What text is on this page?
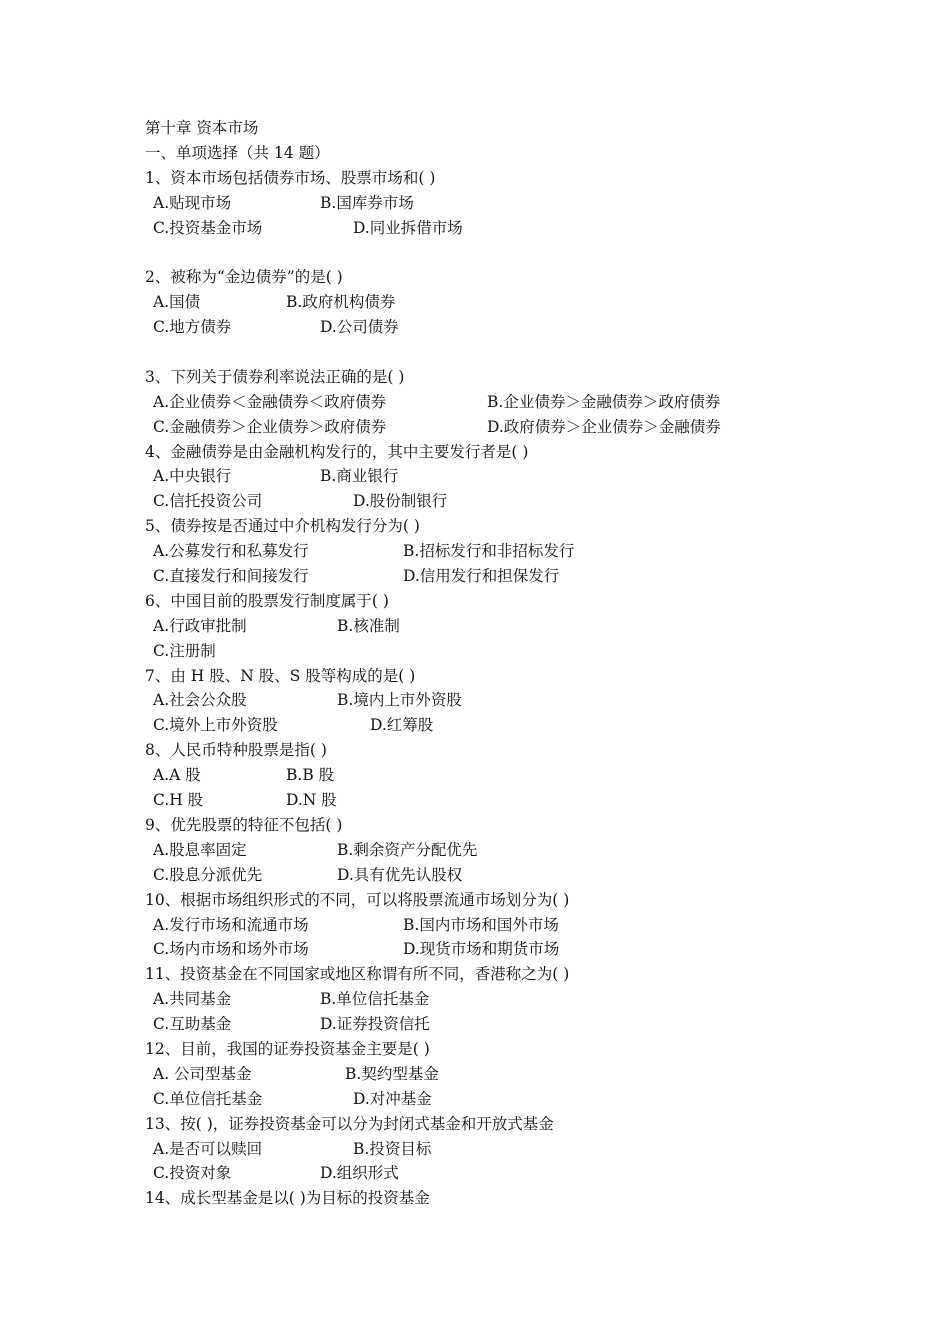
第十章 资本市场
一、单项选择（共 14 题）
1、资本市场包括债券市场、股票市场和( )
A.贴现市场	B.国库券市场
C.投资基金市场	D.同业拆借市场
2、被称为“金边债券”的是( )
A.国债	B.政府机构债券
C.地方债券	D.公司债券
3、下列关于债券利率说法正确的是( )
A.企业债券＜金融债券＜政府债券	B.企业债券＞金融债券＞政府债券
C.金融债券＞企业债券＞政府债券	D.政府债券＞企业债券＞金融债券
4、金融债券是由金融机构发行的，其中主要发行者是( )
A.中央银行	B.商业银行
C.信托投资公司	D.股份制银行
5、债券按是否通过中介机构发行分为( )
A.公募发行和私募发行	B.招标发行和非招标发行
C.直接发行和间接发行	D.信用发行和担保发行
6、中国目前的股票发行制度属于( )
A.行政审批制	B.核准制
C.注册制
7、由 H 股、N 股、S 股等构成的是( )
A.社会公众股	B.境内上市外资股
C.境外上市外资股	D.红筹股
8、人民币特种股票是指( )
A.A 股	B.B 股
C.H 股	D.N 股
9、优先股票的特征不包括( )
A.股息率固定	B.剩余资产分配优先
C.股息分派优先	D.具有优先认股权
10、根据市场组织形式的不同，可以将股票流通市场划分为( )
A.发行市场和流通市场	B.国内市场和国外市场
C.场内市场和场外市场	D.现货市场和期货市场
11、投资基金在不同国家或地区称谓有所不同，香港称之为( )
A.共同基金	B.单位信托基金
C.互助基金	D.证券投资信托
12、目前，我国的证券投资基金主要是( )
A. 公司型基金	B.契约型基金
C.单位信托基金	D.对冲基金
13、按( )，证券投资基金可以分为封闭式基金和开放式基金
A.是否可以赎回	B.投资目标
C.投资对象	D.组织形式
14、成长型基金是以( )为目标的投资基金
